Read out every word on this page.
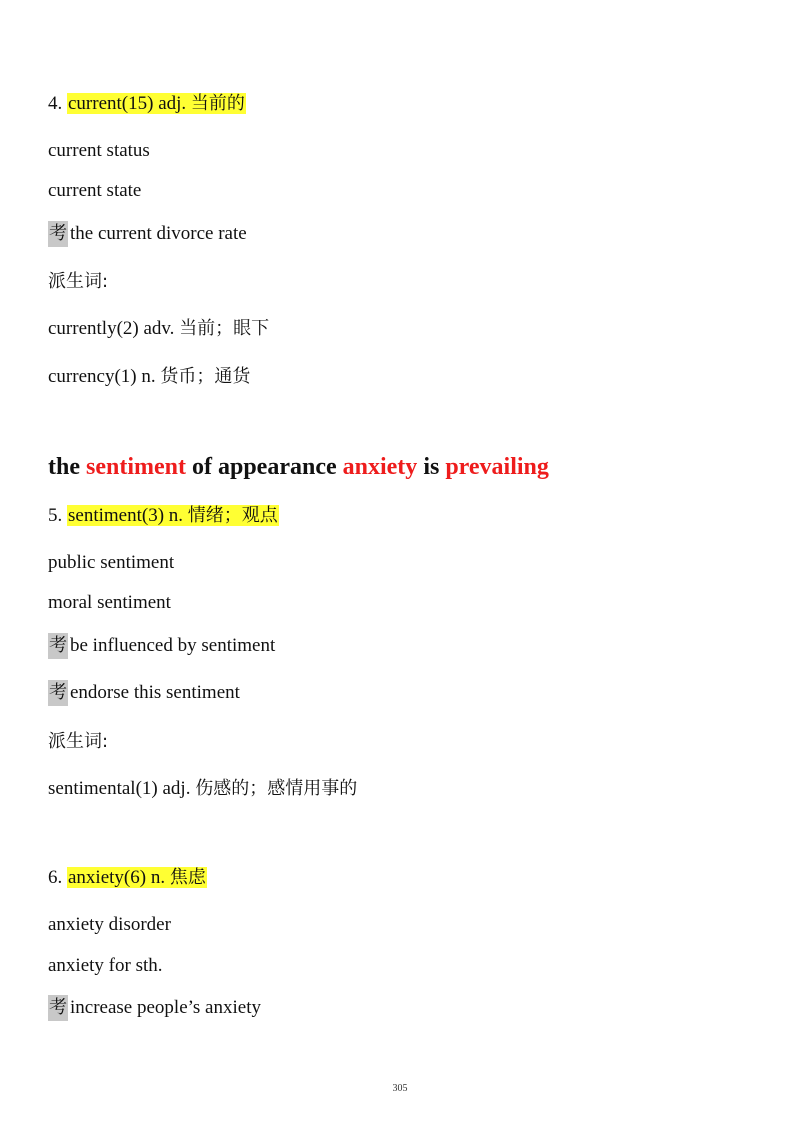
4. current(15) adj. 当前的
current status
current state
考 the current divorce rate
派生词:
currently(2) adv. 当前；眼下
currency(1) n. 货币；通货
the sentiment of appearance anxiety is prevailing
5. sentiment(3) n. 情绪；观点
public sentiment
moral sentiment
考 be influenced by sentiment
考 endorse this sentiment
派生词:
sentimental(1) adj. 伤感的；感情用事的
6. anxiety(6) n. 焦虑
anxiety disorder
anxiety for sth.
考 increase people’s anxiety
305
